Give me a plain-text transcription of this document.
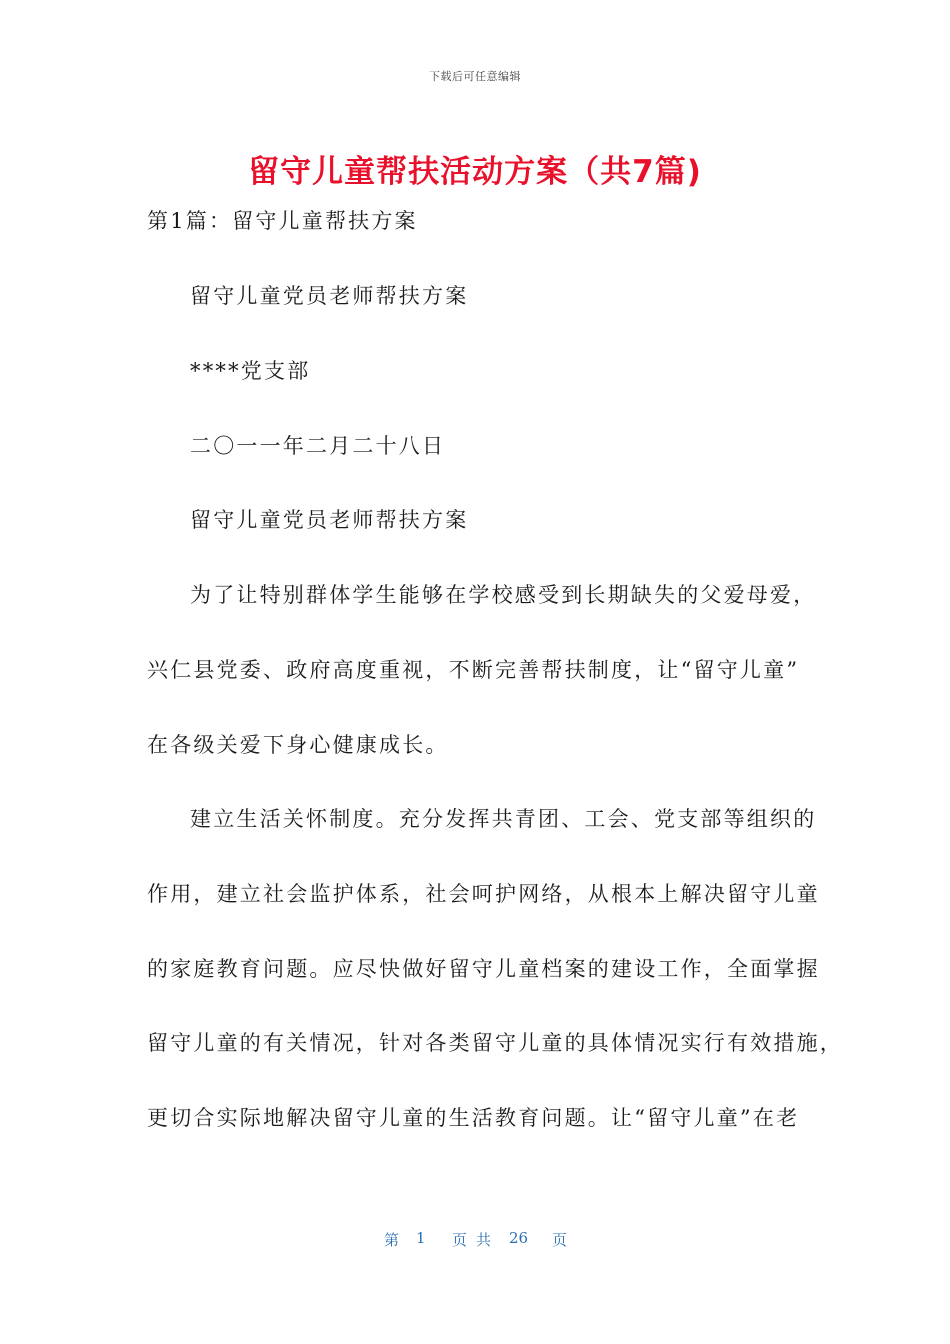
下载后可任意编辑
留守儿童帮扶活动方案（共7篇)

第1篇：留守儿童帮扶方案

留守儿童党员老师帮扶方案

****党支部

二〇一一年二月二十八日

留守儿童党员老师帮扶方案

为了让特别群体学生能够在学校感受到长期缺失的父爱母爱，

兴仁县党委、政府高度重视，不断完善帮扶制度，让“留守儿童”

在各级关爱下身心健康成长。

建立生活关怀制度。充分发挥共青团、工会、党支部等组织的

作用，建立社会监护体系，社会呵护网络，从根本上解决留守儿童

的家庭教育问题。应尽快做好留守儿童档案的建设工作，全面掌握

留守儿童的有关情况，针对各类留守儿童的具体情况实行有效措施，

更切合实际地解决留守儿童的生活教育问题。让“留守儿童”在老

第 1 页共 26 页
